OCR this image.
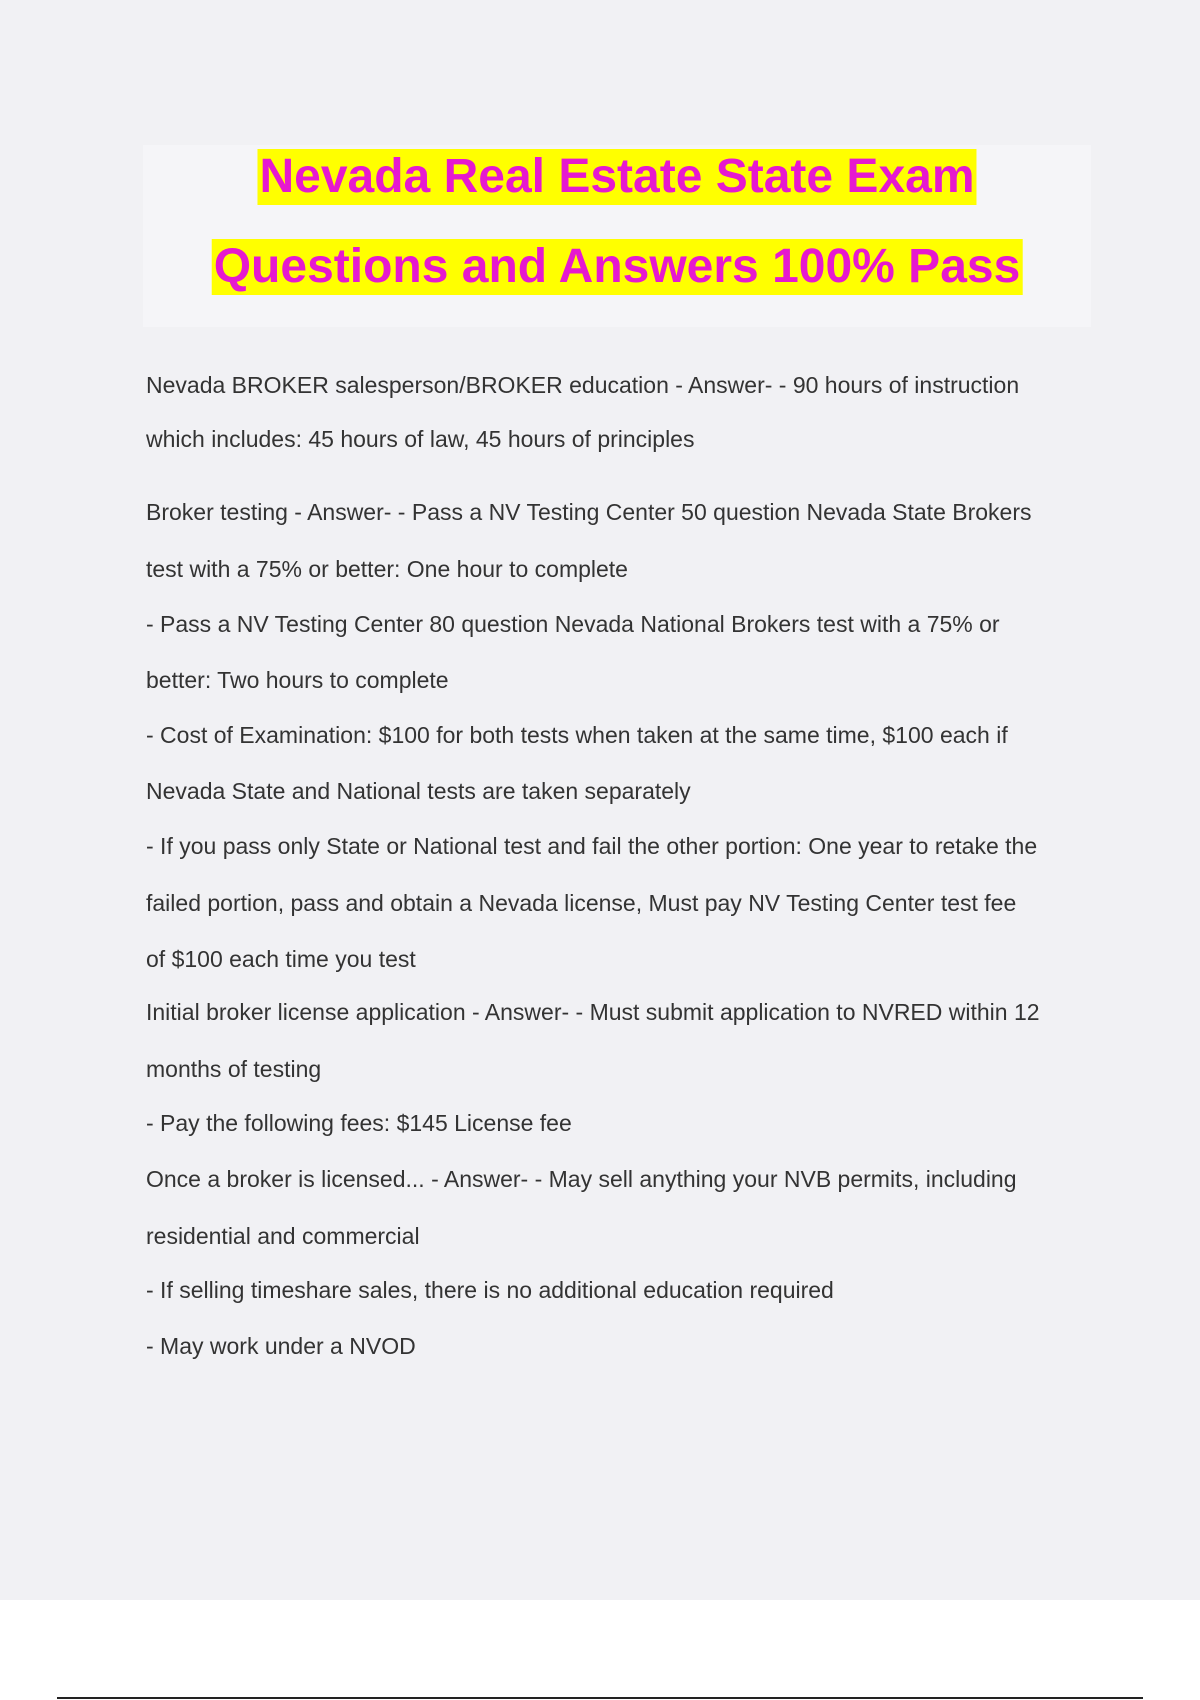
Nevada Real Estate State Exam
Questions and Answers 100% Pass
Nevada BROKER salesperson/BROKER education - Answer- - 90 hours of instruction
which includes: 45 hours of law, 45 hours of principles
Broker testing - Answer- - Pass a NV Testing Center 50 question Nevada State Brokers
test with a 75% or better: One hour to complete
- Pass a NV Testing Center 80 question Nevada National Brokers test with a 75% or
better: Two hours to complete
- Cost of Examination: $100 for both tests when taken at the same time, $100 each if
Nevada State and National tests are taken separately
- If you pass only State or National test and fail the other portion: One year to retake the
failed portion, pass and obtain a Nevada license, Must pay NV Testing Center test fee
of $100 each time you test
Initial broker license application - Answer- - Must submit application to NVRED within 12
months of testing
- Pay the following fees: $145 License fee
Once a broker is licensed... - Answer- - May sell anything your NVB permits, including
residential and commercial
- If selling timeshare sales, there is no additional education required
- May work under a NVOD
